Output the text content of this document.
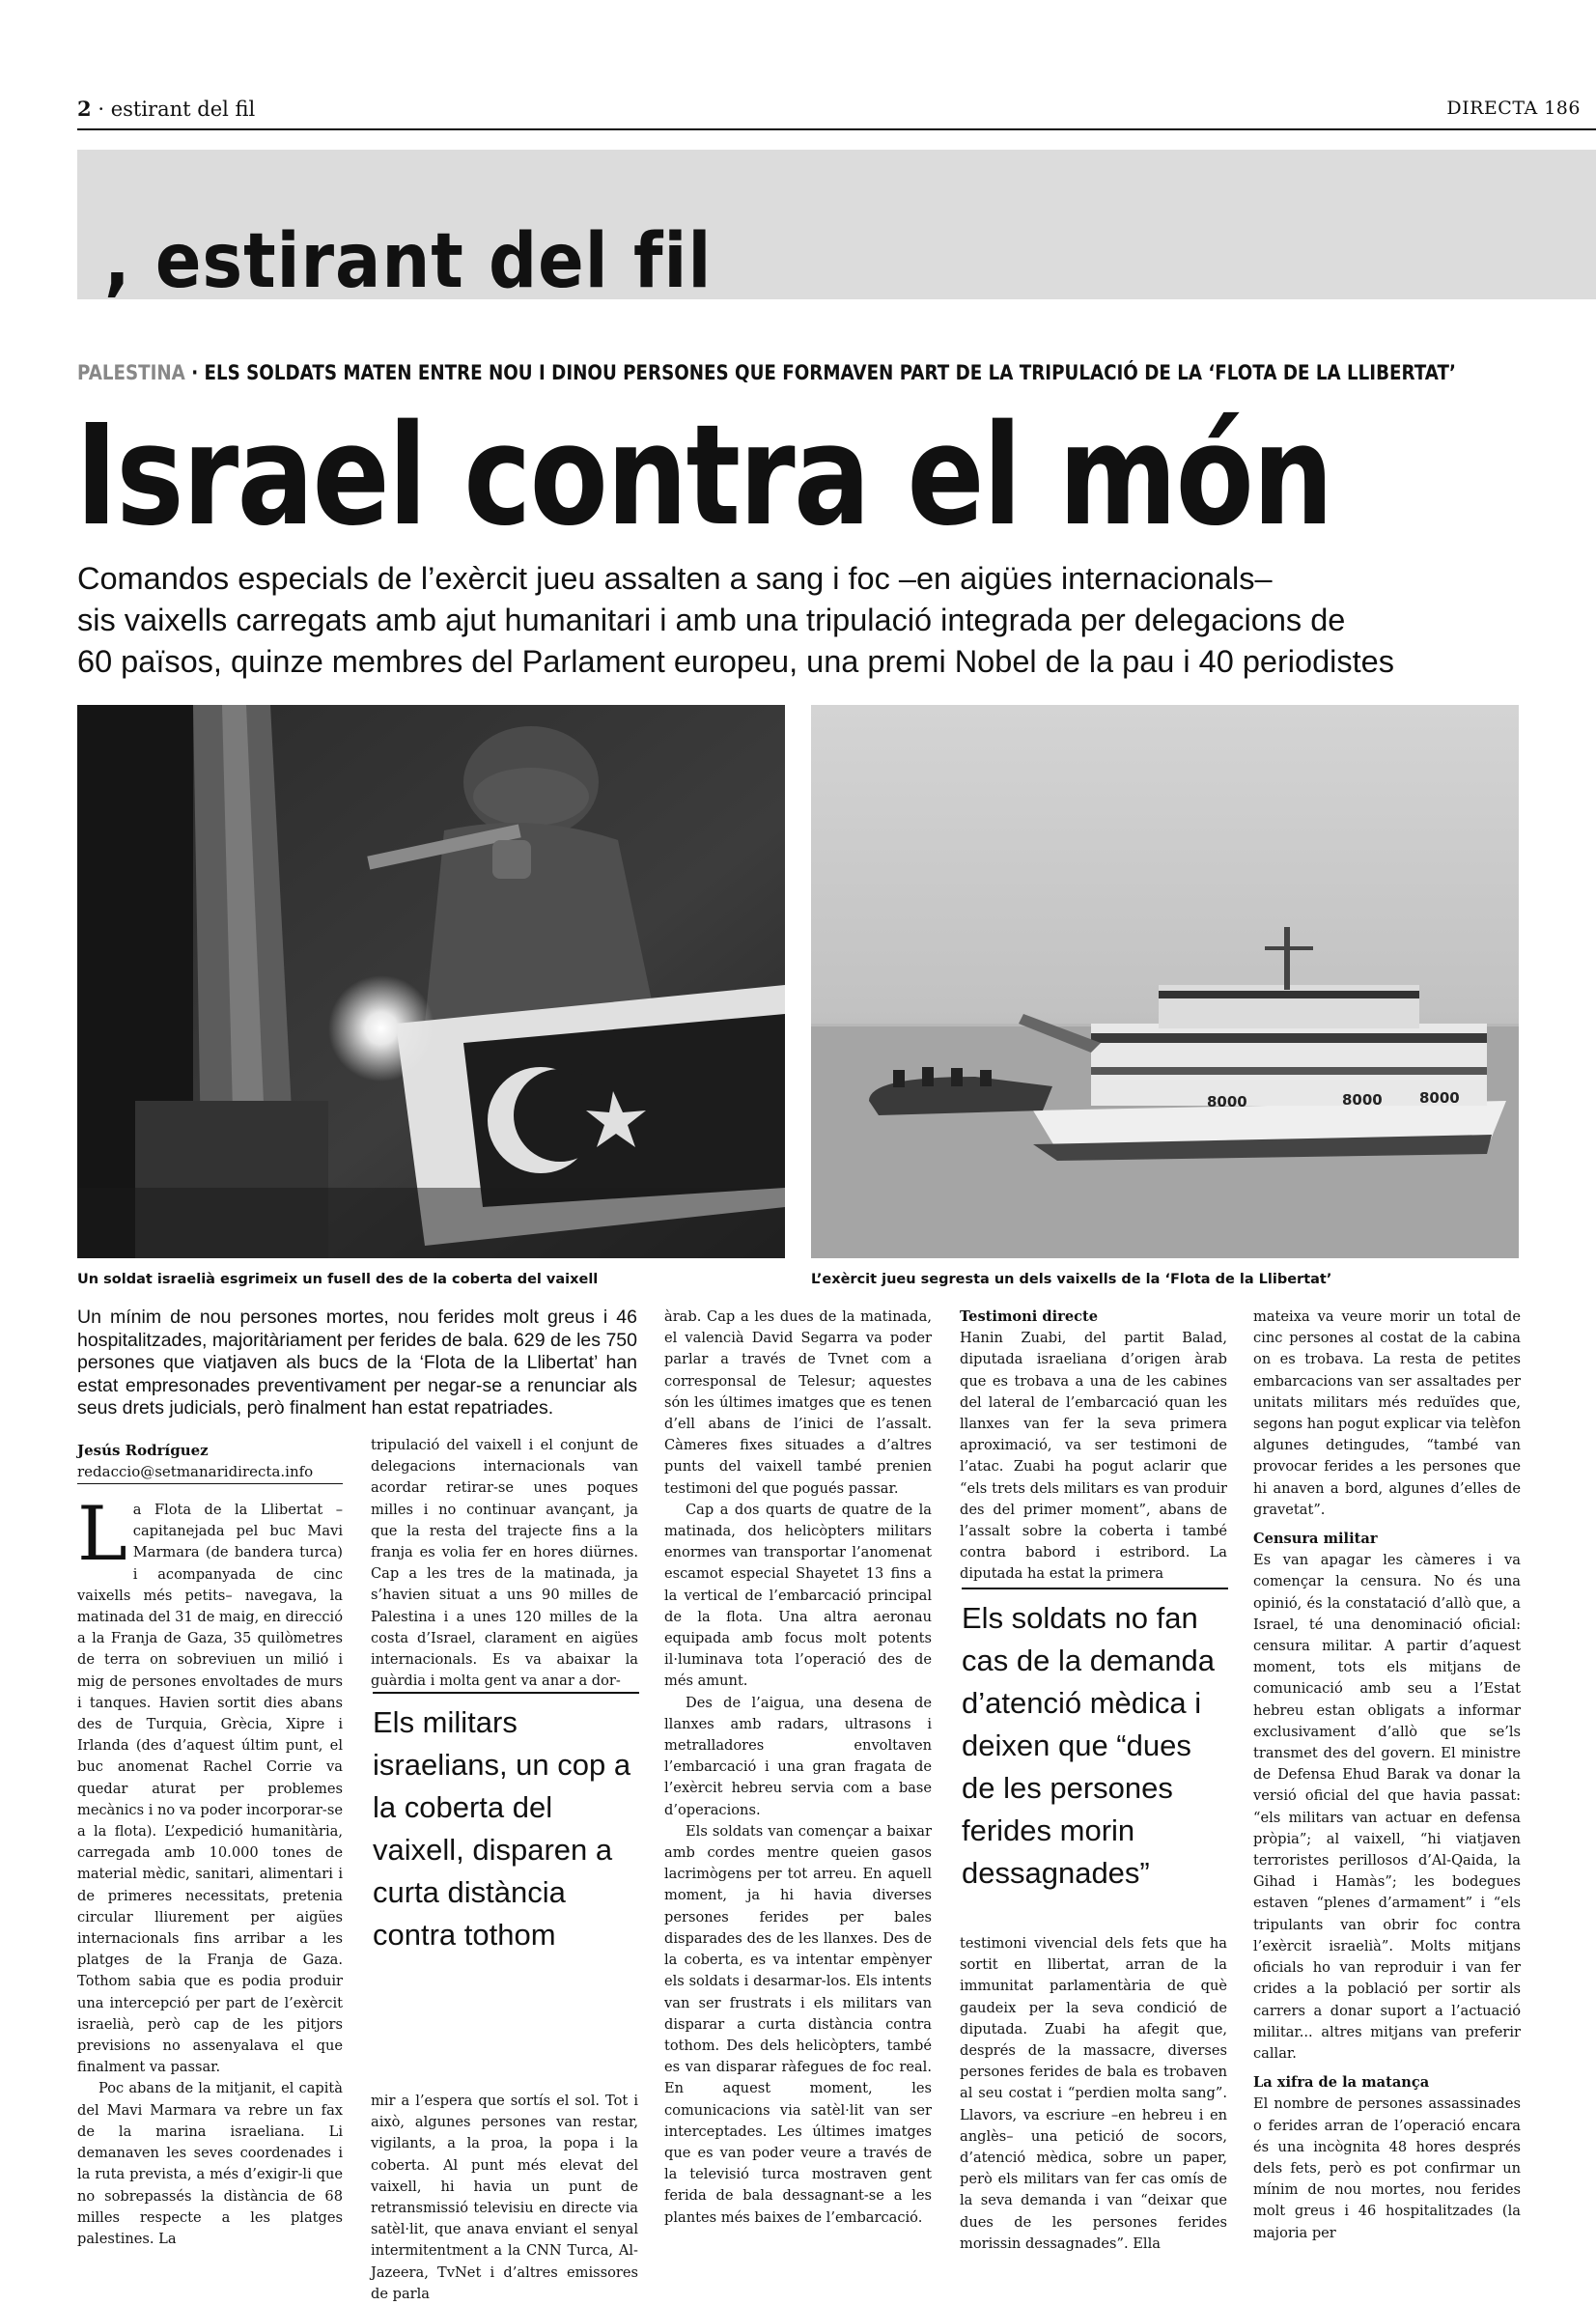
2 · estirant del fil	DIRECTA 186
, estirant del fil
PALESTINA · ELS SOLDATS MATEN ENTRE NOU I DINOU PERSONES QUE FORMAVEN PART DE LA TRIPULACIÓ DE LA ‘FLOTA DE LA LLIBERTAT’
Israel contra el món
Comandos especials de l’exèrcit jueu assalten a sang i foc –en aigües internacionals–
sis vaixells carregats amb ajut humanitari i amb una tripulació integrada per delegacions de
60 països, quinze membres del Parlament europeu, una premi Nobel de la pau i 40 periodistes
8000	8000	8000
Un soldat israelià esgrimeix un fusell des de la coberta del vaixell	L’exèrcit jueu segresta un dels vaixells de la ‘Flota de la Llibertat’
Un mínim de nou persones mortes, nou ferides molt greus i 46 hospitalitzades, majoritàriament per ferides de bala. 629 de les 750 persones que viatjaven als bucs de la ‘Flota de la Llibertat’ han estat empresonades preventivament per negar-se a renunciar als seus drets judicials, però finalment han estat repatriades.
Jesús Rodríguez
redaccio@setmanaridirecta.info

La Flota de la Llibertat –capitanejada pel buc Mavi Marmara (de bandera turca) i acompanyada de cinc vaixells més petits– navegava, la matinada del 31 de maig, en direcció a la Franja de Gaza, 35 quilòmetres de terra on sobreviuen un milió i mig de persones envoltades de murs i tanques. Havien sortit dies abans des de Turquia, Grècia, Xipre i Irlanda (des d’aquest últim punt, el buc anomenat Rachel Corrie va quedar aturat per problemes mecànics i no va poder incorporar-se a la flota). L’expedició humanitària, carregada amb 10.000 tones de material mèdic, sanitari, alimentari i de primeres necessitats, pretenia circular lliurement per aigües internacionals fins arribar a les platges de la Franja de Gaza. Tothom sabia que es podia produir una intercepció per part de l’exèrcit israelià, però cap de les pitjors previsions no assenyalava el que finalment va passar.

Poc abans de la mitjanit, el capità del Mavi Marmara va rebre un fax de la marina israeliana. Li demanaven les seves coordenades i la ruta prevista, a més d’exigir-li que no sobrepassés la distància de 68 milles respecte a les platges palestines. La

tripulació del vaixell i el conjunt de delegacions internacionals van acordar retirar-se unes poques milles i no continuar avançant, ja que la resta del trajecte fins a la franja es volia fer en hores diürnes. Cap a les tres de la matinada, ja s’havien situat a uns 90 milles de Palestina i a unes 120 milles de la costa d’Israel, clarament en aigües internacionals. Es va abaixar la guàrdia i molta gent va anar a dor-

Els militars israelians, un cop a la coberta del vaixell, disparen a curta distància contra tothom

mir a l’espera que sortís el sol. Tot i això, algunes persones van restar, vigilants, a la proa, la popa i la coberta. Al punt més elevat del vaixell, hi havia un punt de retransmissió televisiu en directe via satèl·lit, que anava enviant el senyal intermitentment a la CNN Turca, Al-Jazeera, TvNet i d’altres emissores de parla

àrab. Cap a les dues de la matinada, el valencià David Segarra va poder parlar a través de Tvnet com a corresponsal de Telesur; aquestes són les últimes imatges que es tenen d’ell abans de l’inici de l’assalt. Càmeres fixes situades a d’altres punts del vaixell també prenien testimoni del que pogués passar.

Cap a dos quarts de quatre de la matinada, dos helicòpters militars enormes van transportar l’anomenat escamot especial Shayetet 13 fins a la vertical de l’embarcació principal de la flota. Una altra aeronau equipada amb focus molt potents il·luminava tota l’operació des de més amunt.

Des de l’aigua, una desena de llanxes amb radars, ultrasons i metralladores envoltaven l’embarcació i una gran fragata de l’exèrcit hebreu servia com a base d’operacions.

Els soldats van començar a baixar amb cordes mentre queien gasos lacrimògens per tot arreu. En aquell moment, ja hi havia diverses persones ferides per bales disparades des de les llanxes. Des de la coberta, es va intentar empènyer els soldats i desarmar-los. Els intents van ser frustrats i els militars van disparar a curta distància contra tothom. Des dels helicòpters, també es van disparar ràfegues de foc real. En aquest moment, les comunicacions via satèl·lit van ser interceptades. Les últimes imatges que es van poder veure a través de la televisió turca mostraven gent ferida de bala dessagnant-se a les plantes més baixes de l’embarcació.

Testimoni directe

Hanin Zuabi, del partit Balad, diputada israeliana d’origen àrab que es trobava a una de les cabines del lateral de l’embarcació quan les llanxes van fer la seva primera aproximació, va ser testimoni de l’atac. Zuabi ha pogut aclarir que “els trets dels militars es van produir des del primer moment”, abans de l’assalt sobre la coberta i també contra babord i estribord. La diputada ha estat la primera

Els soldats no fan cas de la demanda d’atenció mèdica i deixen que “dues de les persones ferides morin dessagnades”

testimoni vivencial dels fets que ha sortit en llibertat, arran de la immunitat parlamentària de què gaudeix per la seva condició de diputada. Zuabi ha afegit que, després de la massacre, diverses persones ferides de bala es trobaven al seu costat i “perdien molta sang”. Llavors, va escriure –en hebreu i en anglès– una petició de socors, d’atenció mèdica, sobre un paper, però els militars van fer cas omís de la seva demanda i van “deixar que dues de les persones ferides morissin dessagnades”. Ella

mateixa va veure morir un total de cinc persones al costat de la cabina on es trobava. La resta de petites embarcacions van ser assaltades per unitats militars més reduïdes que, segons han pogut explicar via telèfon algunes detingudes, “també van provocar ferides a les persones que hi anaven a bord, algunes d’elles de gravetat”.

Censura militar

Es van apagar les càmeres i va començar la censura. No és una opinió, és la constatació d’allò que, a Israel, té una denominació oficial: censura militar. A partir d’aquest moment, tots els mitjans de comunicació amb seu a l’Estat hebreu estan obligats a informar exclusivament d’allò que se’ls transmet des del govern. El ministre de Defensa Ehud Barak va donar la versió oficial del que havia passat: “els militars van actuar en defensa pròpia”; al vaixell, “hi viatjaven terroristes perillosos d’Al-Qaida, la Gihad i Hamàs”; les bodegues estaven “plenes d’armament” i “els tripulants van obrir foc contra l’exèrcit israelià”. Molts mitjans oficials ho van reproduir i van fer crides a la població per sortir als carrers a donar suport a l’actuació militar... altres mitjans van preferir callar.

La xifra de la matança

El nombre de persones assassinades o ferides arran de l’operació encara és una incògnita 48 hores després dels fets, però es pot confirmar un mínim de nou mortes, nou ferides molt greus i 46 hospitalitzades (la majoria per
